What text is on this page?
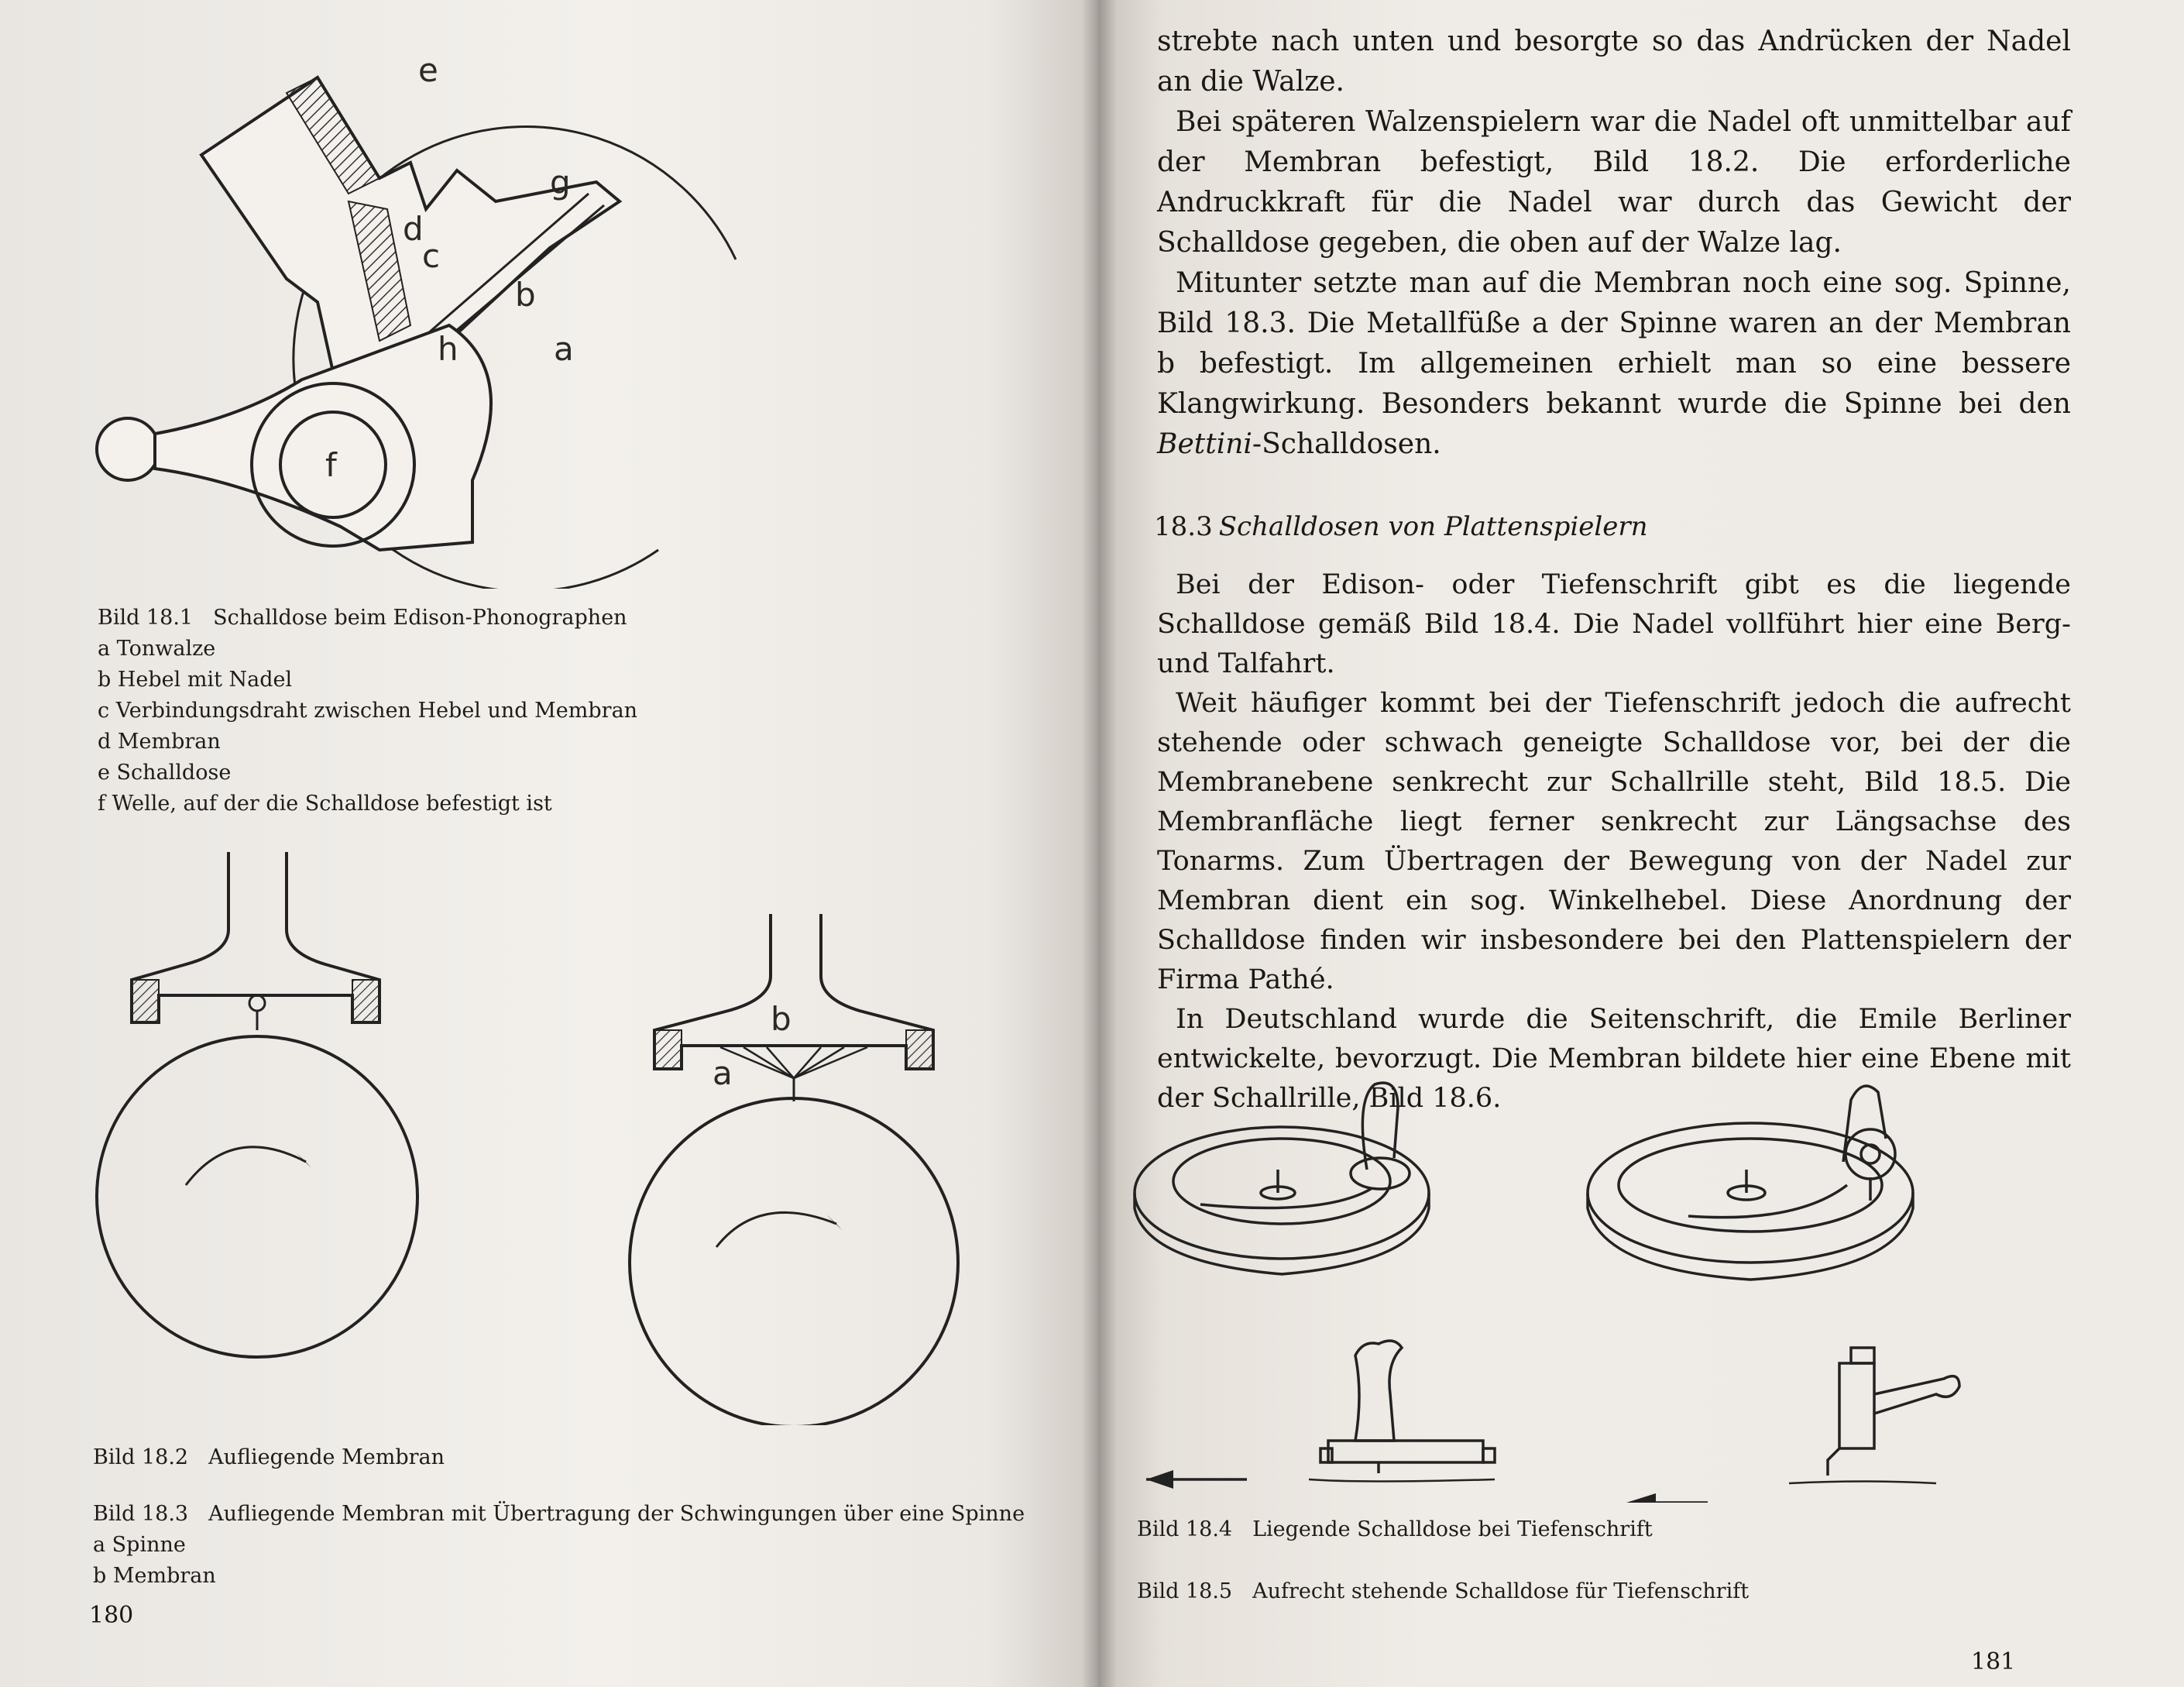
e
g
d
c
b
h	a
f
Bild 18.1 Schalldose beim Edison-Phonographen
a Tonwalze
b Hebel mit Nadel
c Verbindungsdraht zwischen Hebel und Membran
d Membran
e Schalldose
f Welle, auf der die Schalldose befestigt ist
b
a
Bild 18.2 Aufliegende Membran
Bild 18.3 Aufliegende Membran mit Übertragung der Schwingungen über eine Spinne
a Spinne
b Membran
180

strebte nach unten und besorgte so das Andrücken der Nadel an die Walze.

Bei späteren Walzenspielern war die Nadel oft unmittelbar auf der Membran befestigt, Bild 18.2. Die erforderliche Andruckkraft für die Nadel war durch das Gewicht der Schalldose gegeben, die oben auf der Walze lag.

Mitunter setzte man auf die Membran noch eine sog. Spinne, Bild 18.3. Die Metallfüße a der Spinne waren an der Membran b befestigt. Im allgemeinen erhielt man so eine bessere Klangwirkung. Besonders bekannt wurde die Spinne bei den Bettini-Schalldosen.

18.3 Schalldosen von Plattenspielern

Bei der Edison- oder Tiefenschrift gibt es die liegende Schalldose gemäß Bild 18.4. Die Nadel vollführt hier eine Berg- und Talfahrt.

Weit häufiger kommt bei der Tiefenschrift jedoch die aufrecht stehende oder schwach geneigte Schalldose vor, bei der die Membranebene senkrecht zur Schallrille steht, Bild 18.5. Die Membranfläche liegt ferner senkrecht zur Längsachse des Tonarms. Zum Übertragen der Bewegung von der Nadel zur Membran dient ein sog. Winkelhebel. Diese Anordnung der Schalldose finden wir insbesondere bei den Plattenspielern der Firma Pathé.

In Deutschland wurde die Seitenschrift, die Emile Berliner entwickelte, bevorzugt. Die Membran bildete hier eine Ebene mit der Schallrille, Bild 18.6.

Bild 18.4 Liegende Schalldose bei Tiefenschrift
Bild 18.5 Aufrecht stehende Schalldose für Tiefenschrift
181
